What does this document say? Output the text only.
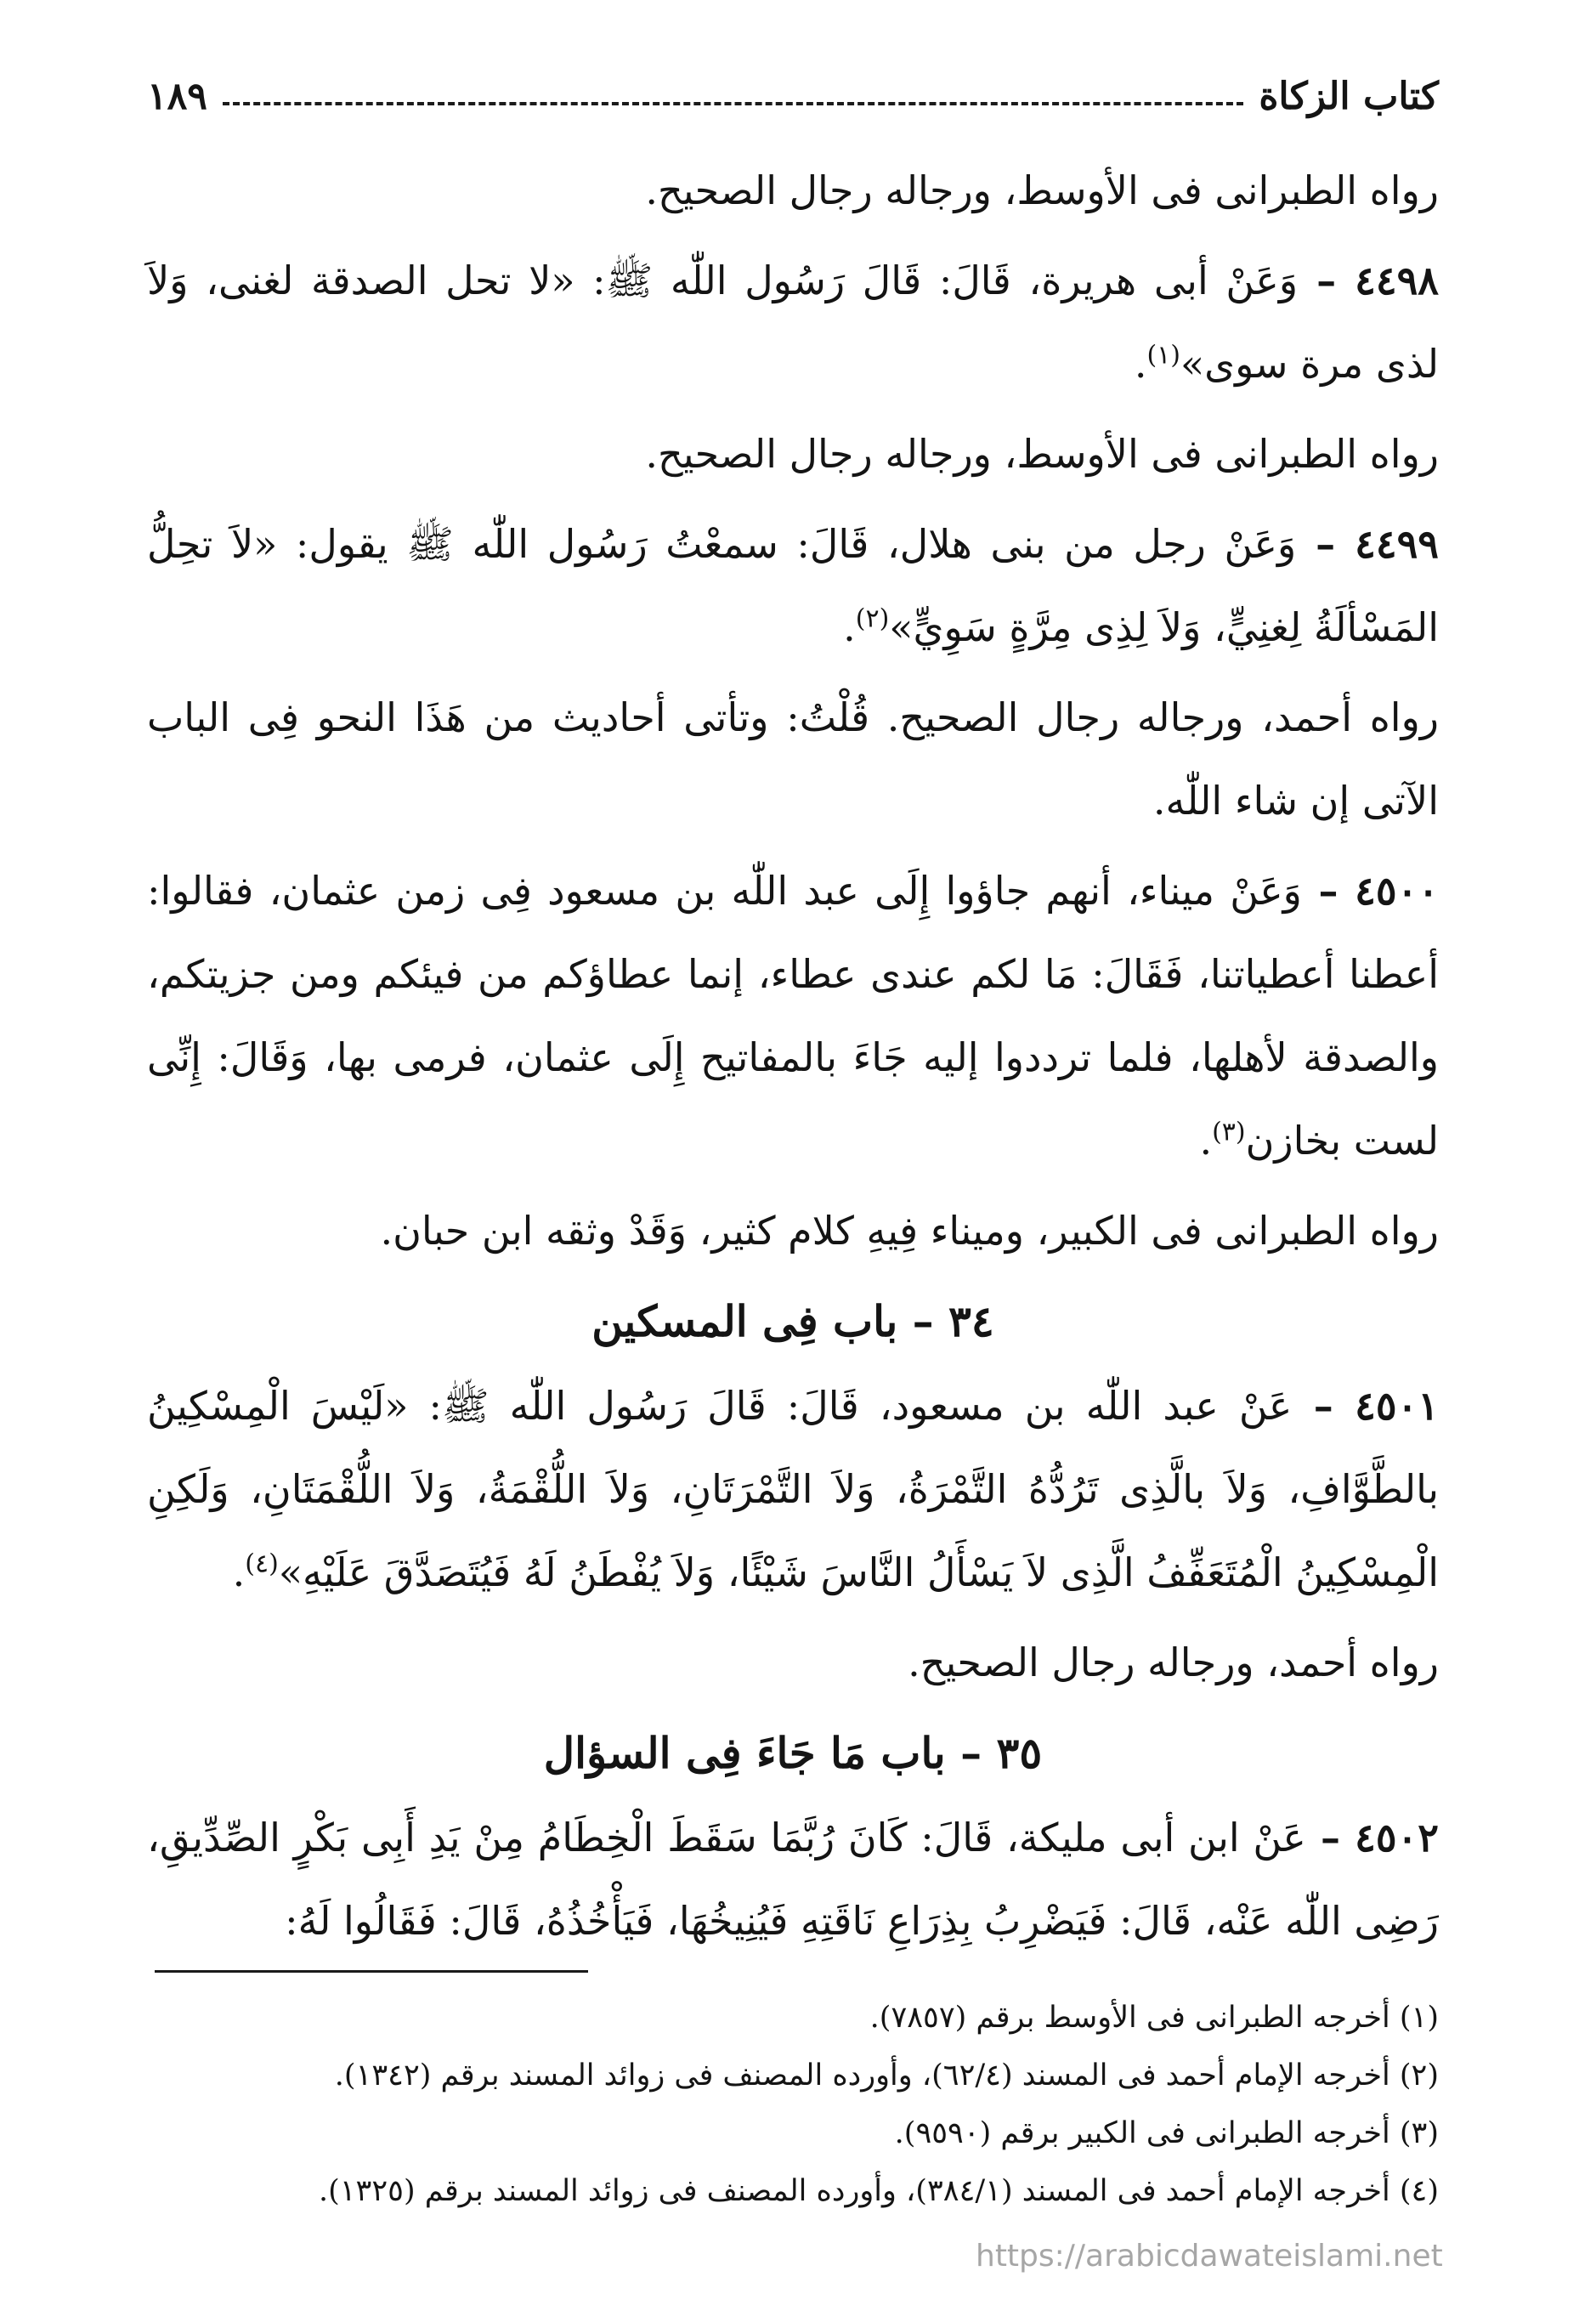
كتاب الزكاة
١٨٩

رواه الطبرانى فى الأوسط، ورجاله رجال الصحيح.

٤٤٩٨ – وَعَنْ أبى هريرة، قَالَ: قَالَ رَسُول اللّٰه ﷺ: «لا تحل الصدقة لغنى، وَلاَ لذى مرة سوى»$^{(١)}$.

رواه الطبرانى فى الأوسط، ورجاله رجال الصحيح.

٤٤٩٩ – وَعَنْ رجل من بنى هلال، قَالَ: سمعْتُ رَسُول اللّٰه ﷺ يقول: «لاَ تحِلُّ المَسْألَةُ لِغنِيٍّ، وَلاَ لِذِى مِرَّةٍ سَوِيٍّ»$^{(٢)}$.

رواه أحمد، ورجاله رجال الصحيح. قُلْتُ: وتأتى أحاديث من هَذَا النحو فِى الباب الآتى إن شاء اللّٰه.

٤٥٠٠ – وَعَنْ ميناء، أنهم جاؤوا إِلَى عبد اللّٰه بن مسعود فِى زمن عثمان، فقالوا: أعطنا أعطياتنا، فَقَالَ: مَا لكم عندى عطاء، إنما عطاؤكم من فيئكم ومن جزيتكم، والصدقة لأهلها، فلما ترددوا إليه جَاءَ بالمفاتيح إِلَى عثمان، فرمى بها، وَقَالَ: إِنِّى لست بخازن$^{(٣)}$.

رواه الطبرانى فى الكبير، وميناء فِيهِ كلام كثير، وَقَدْ وثقه ابن حبان.

٣٤ – باب فِى المسكين

٤٥٠١ – عَنْ عبد اللّٰه بن مسعود، قَالَ: قَالَ رَسُول اللّٰه ﷺ: «لَيْسَ الْمِسْكِينُ بالطَّوَّافِ، وَلاَ بالَّذِى تَرُدُّهُ التَّمْرَةُ، وَلاَ التَّمْرَتَانِ، وَلاَ اللُّقْمَةُ، وَلاَ اللُّقْمَتَانِ، وَلَكِنِ الْمِسْكِينُ الْمُتَعَفِّفُ الَّذِى لاَ يَسْأَلُ النَّاسَ شَيْئًا، وَلاَ يُفْطَنُ لَهُ فَيُتَصَدَّقَ عَلَيْهِ»$^{(٤)}$.

رواه أحمد، ورجاله رجال الصحيح.

٣٥ – باب مَا جَاءَ فِى السؤال

٤٥٠٢ – عَنْ ابن أبى مليكة، قَالَ: كَانَ رُبَّمَا سَقَطَ الْخِطَامُ مِنْ يَدِ أَبِى بَكْرٍ الصِّدِّيقِ، رَضِى اللّٰه عَنْه، قَالَ: فَيَضْرِبُ بِذِرَاعِ نَاقَتِهِ فَيُنِيخُهَا، فَيَأْخُذُهُ، قَالَ: فَقَالُوا لَهُ:

(١) أخرجه الطبرانى فى الأوسط برقم (٧٨٥٧).

(٢) أخرجه الإمام أحمد فى المسند (٦٢/٤)، وأورده المصنف فى زوائد المسند برقم (١٣٤٢).

(٣) أخرجه الطبرانى فى الكبير برقم (٩٥٩٠).

(٤) أخرجه الإمام أحمد فى المسند (٣٨٤/١)، وأورده المصنف فى زوائد المسند برقم (١٣٢٥).

https://arabicdawateislami.net
